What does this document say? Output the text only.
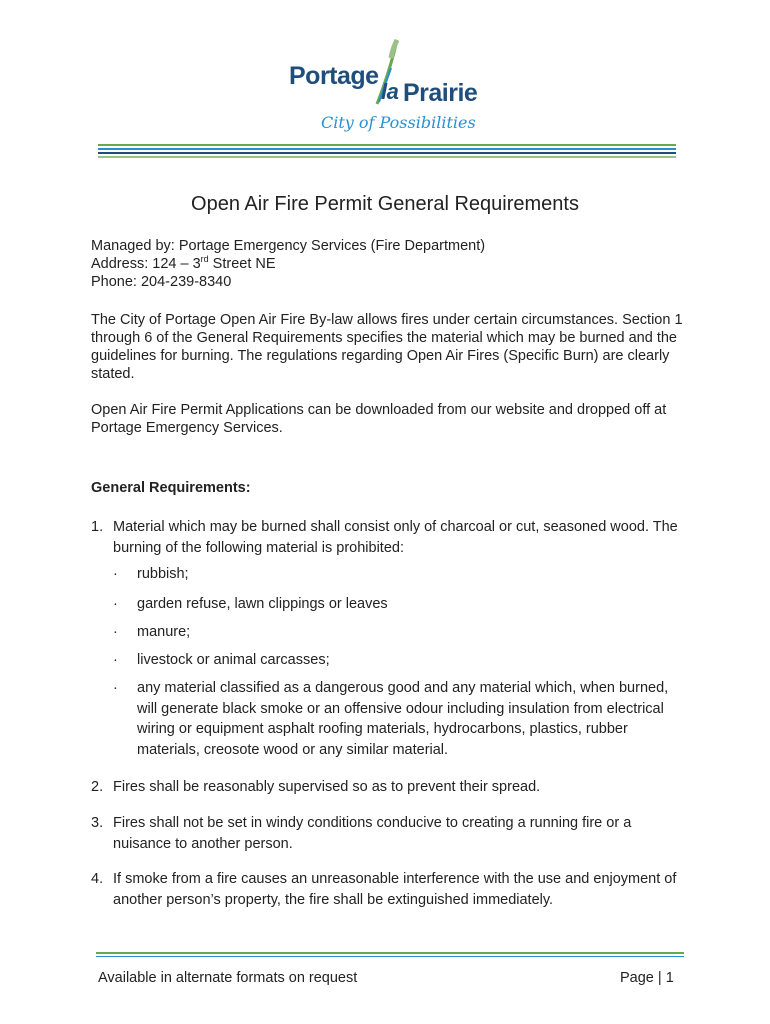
Portage
la Prairie
City of Possibilities
Open Air Fire Permit General Requirements
Managed by: Portage Emergency Services (Fire Department)
Address: 124 – 3rd Street NE
Phone: 204-239-8340
The City of Portage Open Air Fire By-law allows fires under certain circumstances. Section 1 through 6 of the General Requirements specifies the material which may be burned and the guidelines for burning. The regulations regarding Open Air Fires (Specific Burn) are clearly stated.
Open Air Fire Permit Applications can be downloaded from our website and dropped off at Portage Emergency Services.
General Requirements:
1. Material which may be burned shall consist only of charcoal or cut, seasoned wood. The burning of the following material is prohibited:
· rubbish;
· garden refuse, lawn clippings or leaves
· manure;
· livestock or animal carcasses;
· any material classified as a dangerous good and any material which, when burned, will generate black smoke or an offensive odour including insulation from electrical wiring or equipment asphalt roofing materials, hydrocarbons, plastics, rubber materials, creosote wood or any similar material.
2. Fires shall be reasonably supervised so as to prevent their spread.
3. Fires shall not be set in windy conditions conducive to creating a running fire or a nuisance to another person.
4. If smoke from a fire causes an unreasonable interference with the use and enjoyment of another person’s property, the fire shall be extinguished immediately.
Available in alternate formats on request	Page | 1
